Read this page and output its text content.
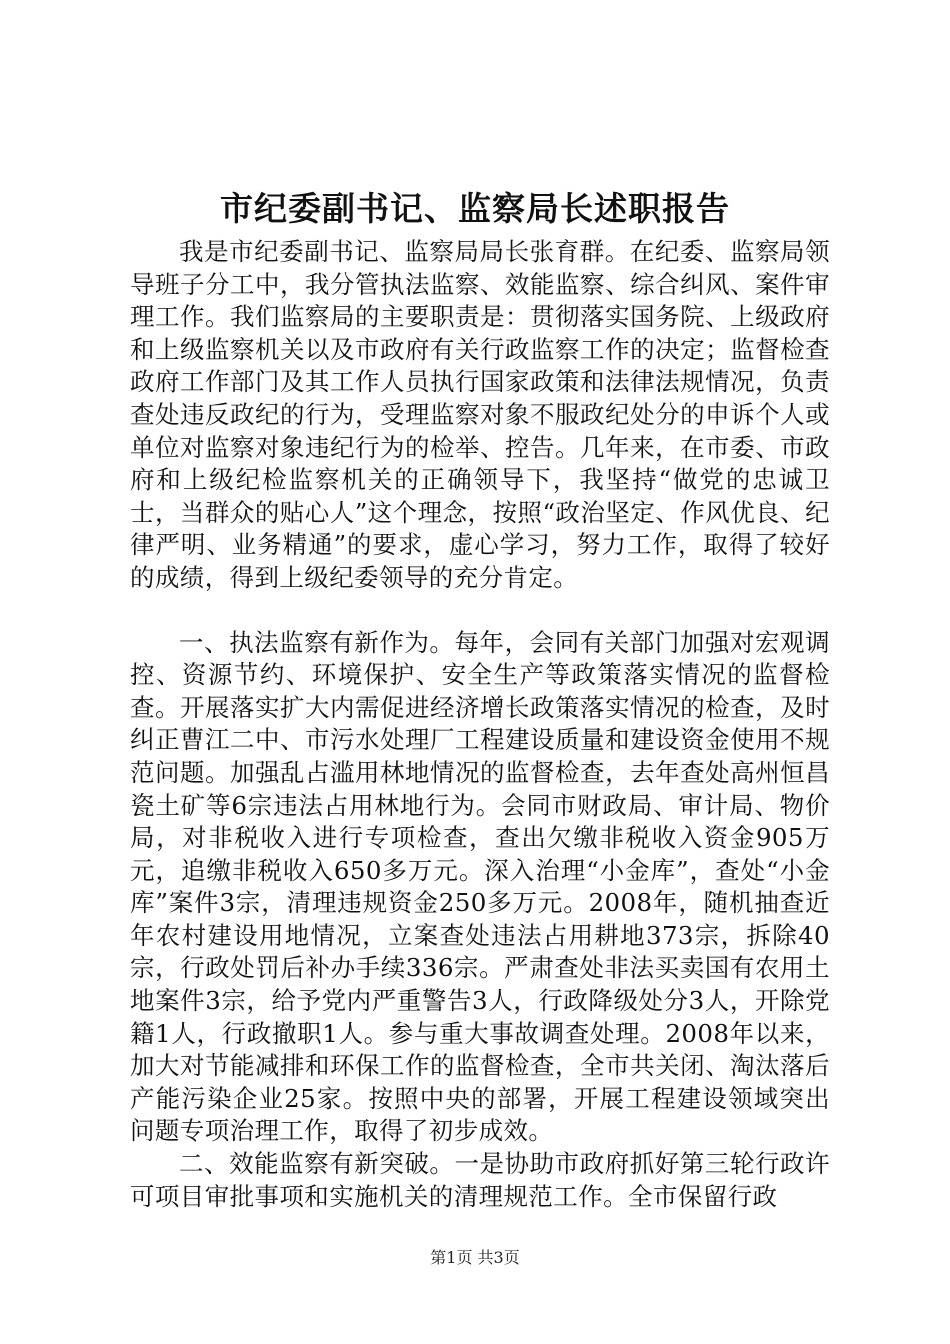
市纪委副书记、监察局长述职报告

我是市纪委副书记、监察局局长张育群。在纪委、监察局领导班子分工中，我分管执法监察、效能监察、综合纠风、案件审理工作。我们监察局的主要职责是：贯彻落实国务院、上级政府和上级监察机关以及市政府有关行政监察工作的决定；监督检查政府工作部门及其工作人员执行国家政策和法律法规情况，负责查处违反政纪的行为，受理监察对象不服政纪处分的申诉个人或单位对监察对象违纪行为的检举、控告。几年来，在市委、市政府和上级纪检监察机关的正确领导下，我坚持“做党的忠诚卫士，当群众的贴心人”这个理念，按照“政治坚定、作风优良、纪律严明、业务精通”的要求，虚心学习，努力工作，取得了较好的成绩，得到上级纪委领导的充分肯定。

一、执法监察有新作为。每年，会同有关部门加强对宏观调控、资源节约、环境保护、安全生产等政策落实情况的监督检查。开展落实扩大内需促进经济增长政策落实情况的检查，及时纠正曹江二中、市污水处理厂工程建设质量和建设资金使用不规范问题。加强乱占滥用林地情况的监督检查，去年查处高州恒昌瓷土矿等6宗违法占用林地行为。会同市财政局、审计局、物价局，对非税收入进行专项检查，查出欠缴非税收入资金905万元，追缴非税收入650多万元。深入治理“小金库”，查处“小金库”案件3宗，清理违规资金250多万元。2008年，随机抽查近年农村建设用地情况，立案查处违法占用耕地373宗，拆除40宗，行政处罚后补办手续336宗。严肃查处非法买卖国有农用土地案件3宗，给予党内严重警告3人，行政降级处分3人，开除党籍1人，行政撤职1人。参与重大事故调查处理。2008年以来，加大对节能减排和环保工作的监督检查，全市共关闭、淘汰落后产能污染企业25家。按照中央的部署，开展工程建设领域突出问题专项治理工作，取得了初步成效。

二、效能监察有新突破。一是协助市政府抓好第三轮行政许可项目审批事项和实施机关的清理规范工作。全市保留行政

第1页 共3页
